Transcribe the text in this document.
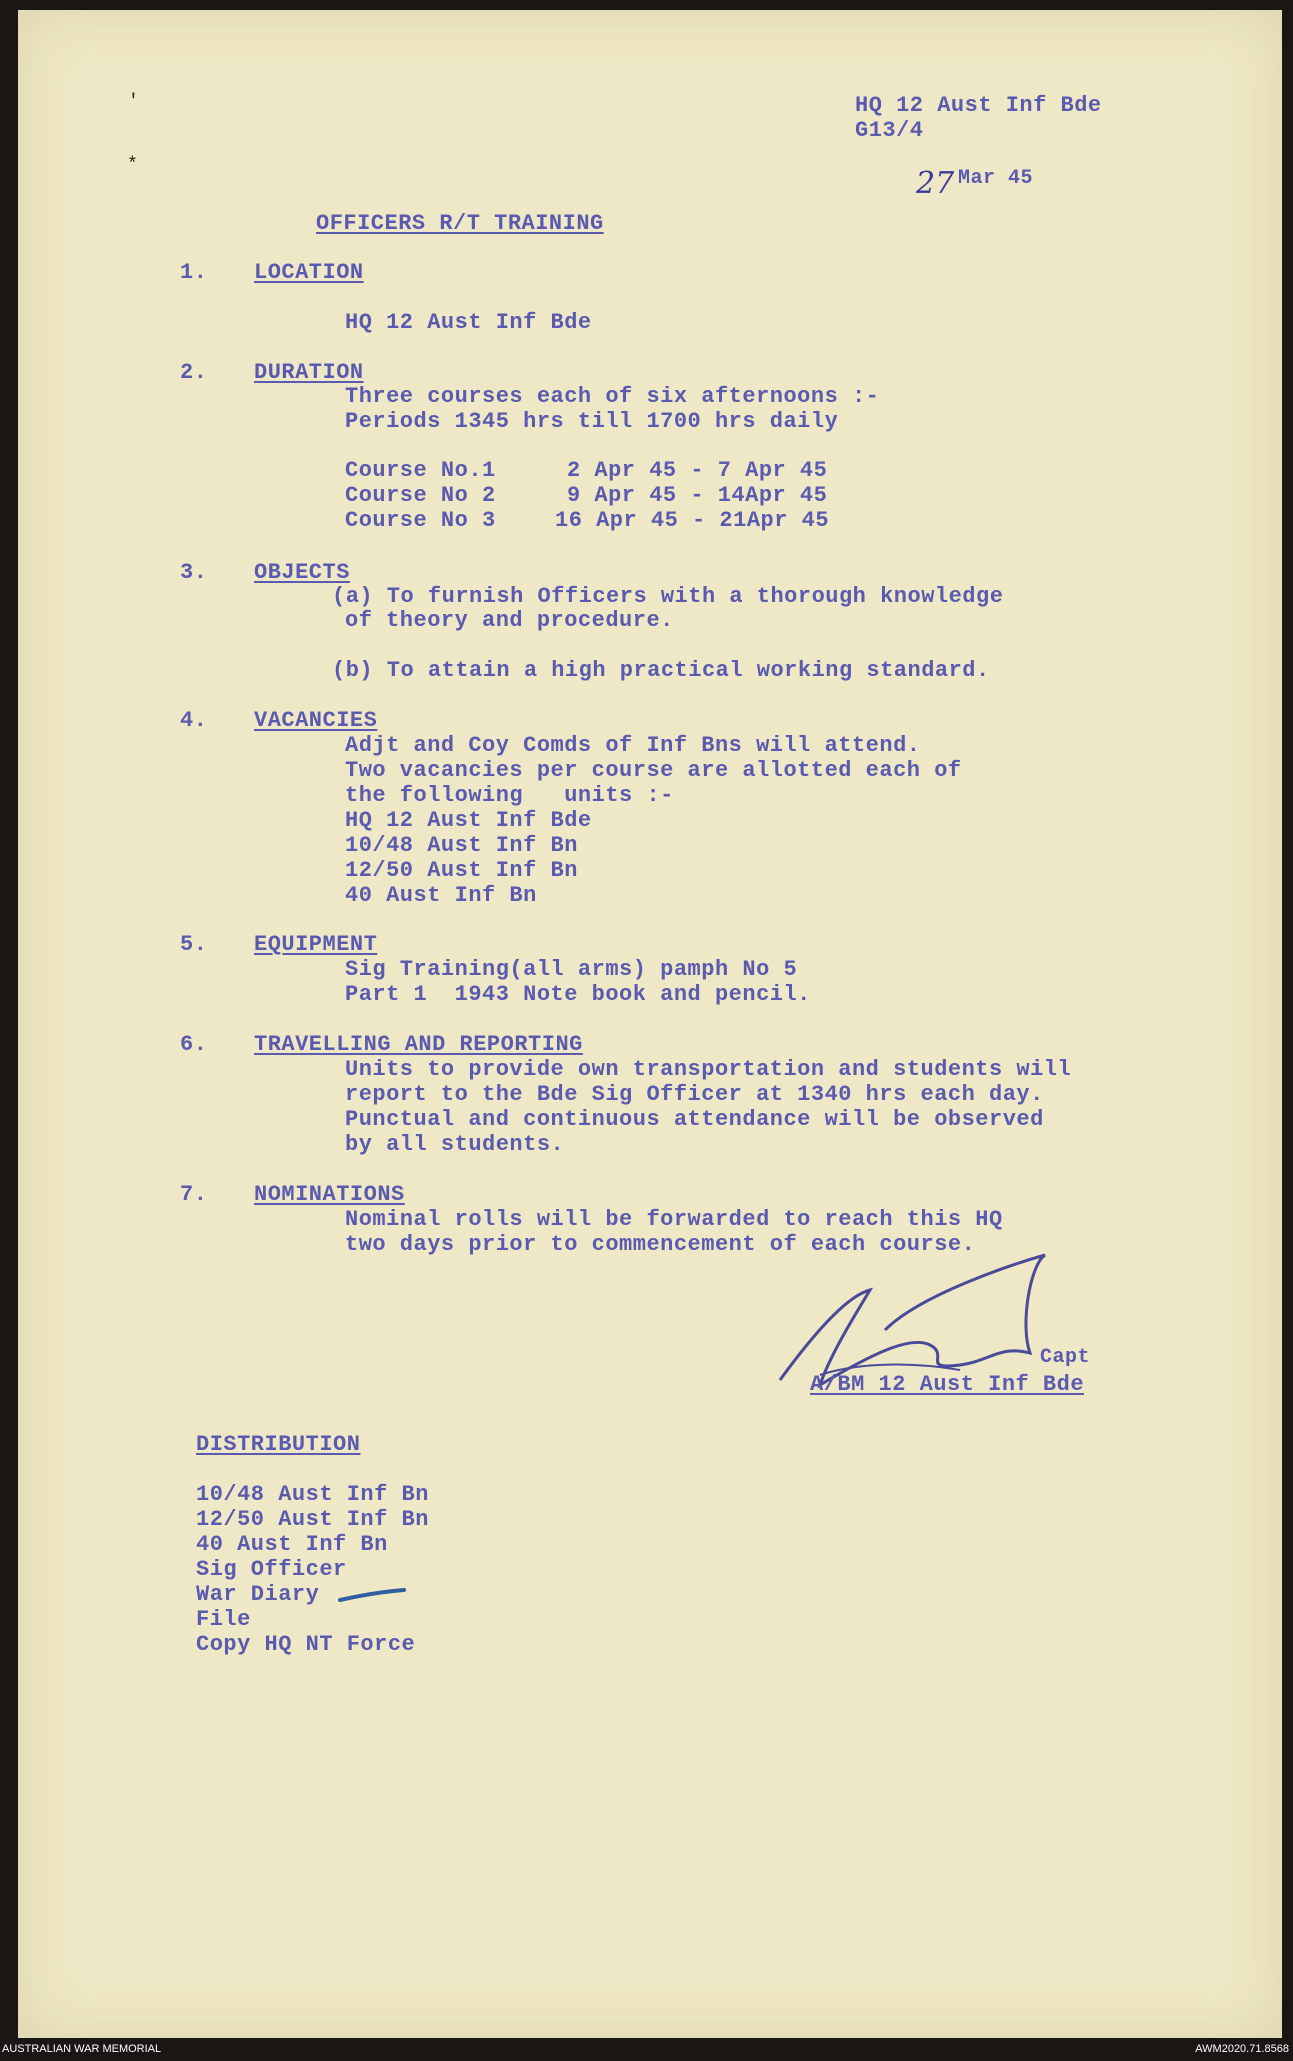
'
*
HQ 12 Aust Inf Bde
G13/4
27 Mar 45
OFFICERS R/T TRAINING
1. LOCATION
HQ 12 Aust Inf Bde
2. DURATION
Three courses each of six afternoons :-
Periods 1345 hrs till 1700 hrs daily
Course No.1	2 Apr 45 - 7 Apr 45
Course No 2	9 Apr 45 - 14Apr 45
Course No 3	16 Apr 45 - 21Apr 45
3. OBJECTS
(a) To furnish Officers with a thorough knowledge
of theory and procedure.
(b) To attain a high practical working standard.
4. VACANCIES
Adjt and Coy Comds of Inf Bns will attend.
Two vacancies per course are allotted each of
the following   units :-
HQ 12 Aust Inf Bde
10/48 Aust Inf Bn
12/50 Aust Inf Bn
40 Aust Inf Bn
5. EQUIPMENT
Sig Training(all arms) pamph No 5
Part 1  1943 Note book and pencil.
6. TRAVELLING AND REPORTING
Units to provide own transportation and students will
report to the Bde Sig Officer at 1340 hrs each day.
Punctual and continuous attendance will be observed
by all students.
7. NOMINATIONS
Nominal rolls will be forwarded to reach this HQ
two days prior to commencement of each course.
Capt
A/BM 12 Aust Inf Bde
DISTRIBUTION
10/48 Aust Inf Bn
12/50 Aust Inf Bn
40 Aust Inf Bn
Sig Officer
War Diary
File
Copy HQ NT Force
AUSTRALIAN WAR MEMORIAL	AWM2020.71.8568
